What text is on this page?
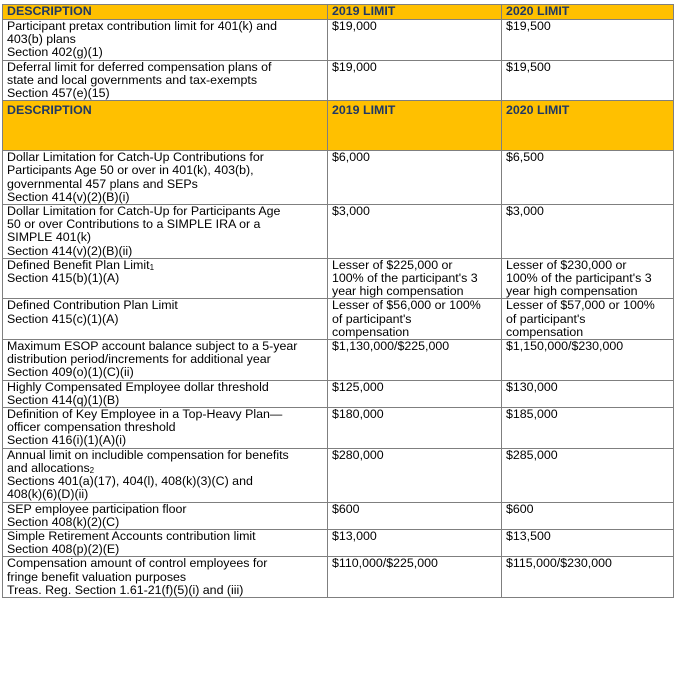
DESCRIPTION	2019 LIMIT	2020 LIMIT

Participant pretax contribution limit for 401(k) and
403(b) plans
Section 402(g)(1)	$19,000	$19,500

Deferral limit for deferred compensation plans of
state and local governments and tax-exempts
Section 457(e)(15)	$19,000	$19,500

DESCRIPTION	2019 LIMIT	2020 LIMIT

Dollar Limitation for Catch-Up Contributions for
Participants Age 50 or over in 401(k), 403(b),
governmental 457 plans and SEPs
Section 414(v)(2)(B)(i)	$6,000	$6,500

Dollar Limitation for Catch-Up for Participants Age
50 or over Contributions to a SIMPLE IRA or a
SIMPLE 401(k)
Section 414(v)(2)(B)(ii)	$3,000	$3,000

Defined Benefit Plan Limit$_1$
Section 415(b)(1)(A)	Lesser of $225,000 or
100% of the participant's 3
year high compensation	Lesser of $230,000 or
100% of the participant's 3
year high compensation

Defined Contribution Plan Limit
Section 415(c)(1)(A)	Lesser of $56,000 or 100%
of participant's
compensation	Lesser of $57,000 or 100%
of participant's
compensation

Maximum ESOP account balance subject to a 5-year
distribution period/increments for additional year
Section 409(o)(1)(C)(ii)	$1,130,000/$225,000	$1,150,000/$230,000

Highly Compensated Employee dollar threshold
Section 414(q)(1)(B)	$125,000	$130,000

Definition of Key Employee in a Top-Heavy Plan—
officer compensation threshold
Section 416(i)(1)(A)(i)	$180,000	$185,000

Annual limit on includible compensation for benefits
and allocations$_2$
Sections 401(a)(17), 404(l), 408(k)(3)(C) and
408(k)(6)(D)(ii)	$280,000	$285,000

SEP employee participation floor
Section 408(k)(2)(C)	$600	$600

Simple Retirement Accounts contribution limit
Section 408(p)(2)(E)	$13,000	$13,500

Compensation amount of control employees for
fringe benefit valuation purposes
Treas. Reg. Section 1.61-21(f)(5)(i) and (iii)	$110,000/$225,000	$115,000/$230,000
